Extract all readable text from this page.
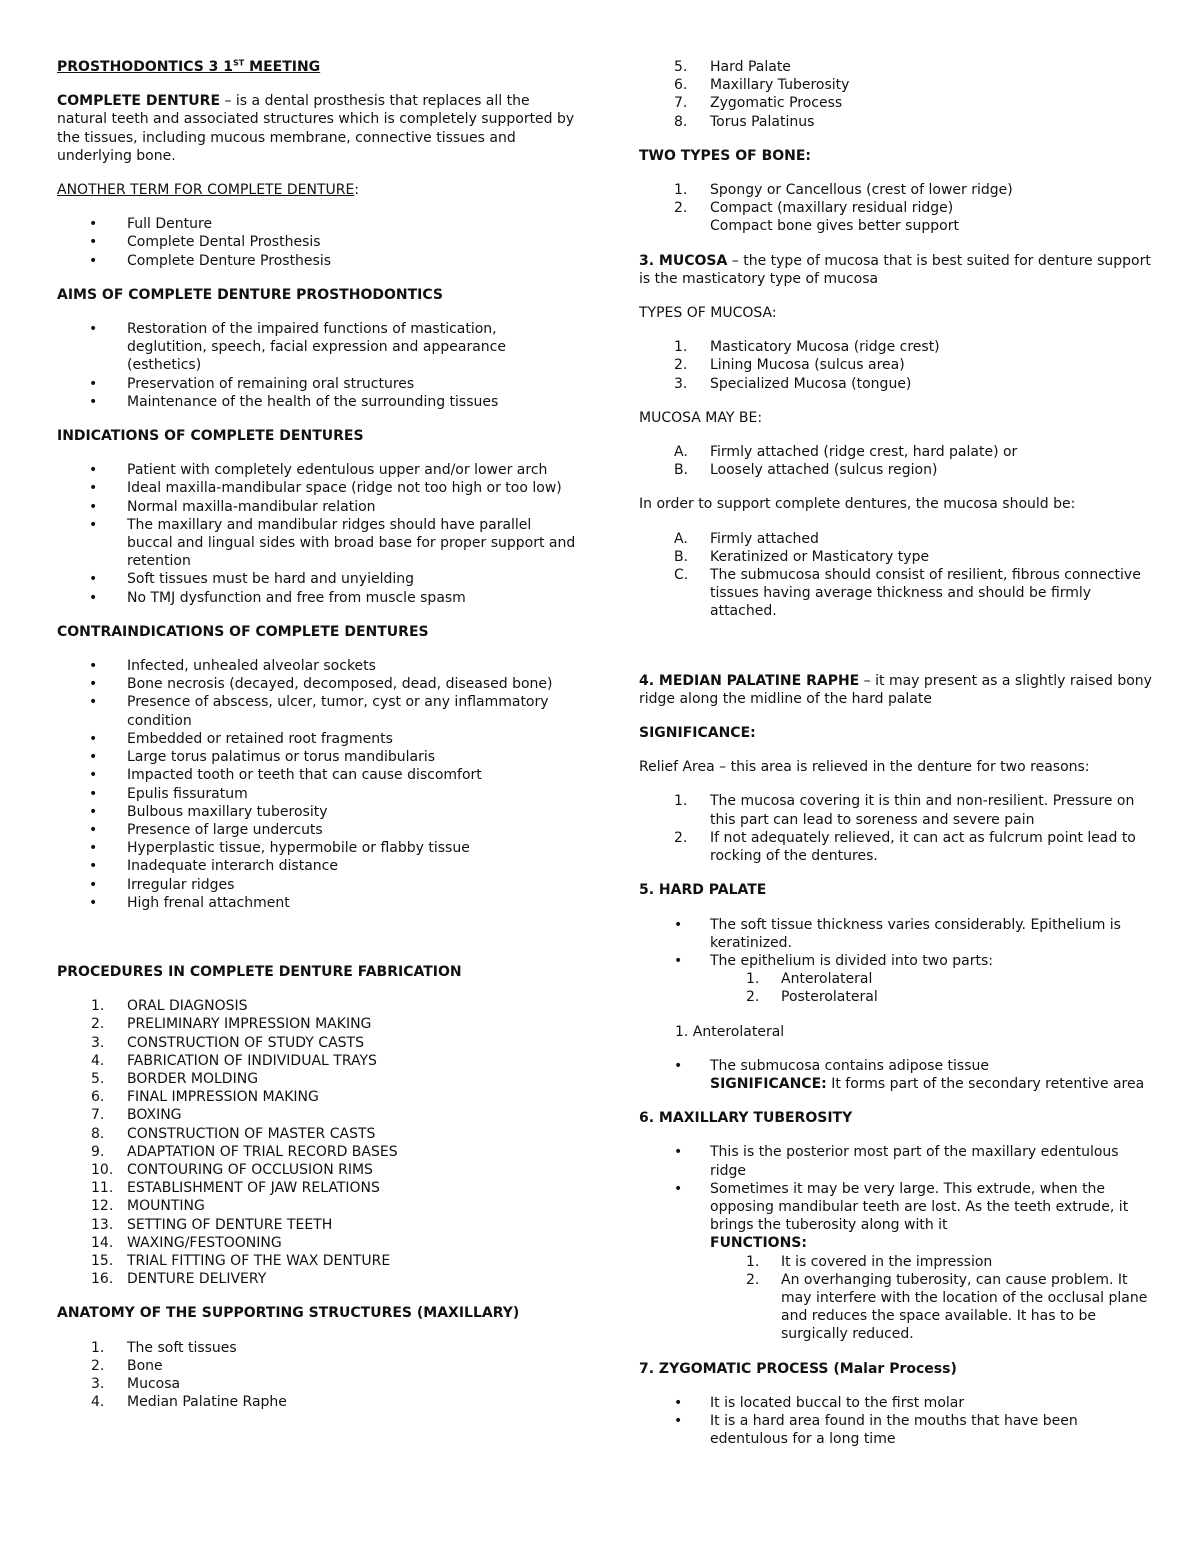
PROSTHODONTICS 3 1ST MEETING

COMPLETE DENTURE – is a dental prosthesis that replaces all the natural teeth and associated structures which is completely supported by the tissues, including mucous membrane, connective tissues and underlying bone.

ANOTHER TERM FOR COMPLETE DENTURE:

• Full Denture
• Complete Dental Prosthesis
• Complete Denture Prosthesis

AIMS OF COMPLETE DENTURE PROSTHODONTICS

• Restoration of the impaired functions of mastication, deglutition, speech, facial expression and appearance (esthetics)
• Preservation of remaining oral structures
• Maintenance of the health of the surrounding tissues

INDICATIONS OF COMPLETE DENTURES

• Patient with completely edentulous upper and/or lower arch
• Ideal maxilla-mandibular space (ridge not too high or too low)
• Normal maxilla-mandibular relation
• The maxillary and mandibular ridges should have parallel buccal and lingual sides with broad base for proper support and retention
• Soft tissues must be hard and unyielding
• No TMJ dysfunction and free from muscle spasm

CONTRAINDICATIONS OF COMPLETE DENTURES

• Infected, unhealed alveolar sockets
• Bone necrosis (decayed, decomposed, dead, diseased bone)
• Presence of abscess, ulcer, tumor, cyst or any inflammatory condition
• Embedded or retained root fragments
• Large torus palatimus or torus mandibularis
• Impacted tooth or teeth that can cause discomfort
• Epulis fissuratum
• Bulbous maxillary tuberosity
• Presence of large undercuts
• Hyperplastic tissue, hypermobile or flabby tissue
• Inadequate interarch distance
• Irregular ridges
• High frenal attachment

PROCEDURES IN COMPLETE DENTURE FABRICATION

1. ORAL DIAGNOSIS
2. PRELIMINARY IMPRESSION MAKING
3. CONSTRUCTION OF STUDY CASTS
4. FABRICATION OF INDIVIDUAL TRAYS
5. BORDER MOLDING
6. FINAL IMPRESSION MAKING
7. BOXING
8. CONSTRUCTION OF MASTER CASTS
9. ADAPTATION OF TRIAL RECORD BASES
10. CONTOURING OF OCCLUSION RIMS
11. ESTABLISHMENT OF JAW RELATIONS
12. MOUNTING
13. SETTING OF DENTURE TEETH
14. WAXING/FESTOONING
15. TRIAL FITTING OF THE WAX DENTURE
16. DENTURE DELIVERY

ANATOMY OF THE SUPPORTING STRUCTURES (MAXILLARY)

1. The soft tissues
2. Bone
3. Mucosa
4. Median Palatine Raphe
5. Hard Palate
6. Maxillary Tuberosity
7. Zygomatic Process
8. Torus Palatinus

TWO TYPES OF BONE:

1. Spongy or Cancellous (crest of lower ridge)
2. Compact (maxillary residual ridge)

Compact bone gives better support

3. MUCOSA – the type of mucosa that is best suited for denture support is the masticatory type of mucosa

TYPES OF MUCOSA:

1. Masticatory Mucosa (ridge crest)
2. Lining Mucosa (sulcus area)
3. Specialized Mucosa (tongue)

MUCOSA MAY BE:

A. Firmly attached (ridge crest, hard palate) or
B. Loosely attached (sulcus region)

In order to support complete dentures, the mucosa should be:

A. Firmly attached
B. Keratinized or Masticatory type
C. The submucosa should consist of resilient, fibrous connective tissues having average thickness and should be firmly attached.

4. MEDIAN PALATINE RAPHE – it may present as a slightly raised bony ridge along the midline of the hard palate

SIGNIFICANCE:

Relief Area – this area is relieved in the denture for two reasons:

1. The mucosa covering it is thin and non-resilient. Pressure on this part can lead to soreness and severe pain
2. If not adequately relieved, it can act as fulcrum point lead to rocking of the dentures.

5. HARD PALATE

• The soft tissue thickness varies considerably. Epithelium is keratinized.
• The epithelium is divided into two parts:
1. Anterolateral
2. Posterolateral

1. Anterolateral

• The submucosa contains adipose tissue
SIGNIFICANCE: It forms part of the secondary retentive area

6. MAXILLARY TUBEROSITY

• This is the posterior most part of the maxillary edentulous ridge
• Sometimes it may be very large. This extrude, when the opposing mandibular teeth are lost. As the teeth extrude, it brings the tuberosity along with it
FUNCTIONS:
1. It is covered in the impression
2. An overhanging tuberosity, can cause problem. It may interfere with the location of the occlusal plane and reduces the space available. It has to be surgically reduced.

7. ZYGOMATIC PROCESS (Malar Process)

• It is located buccal to the first molar
• It is a hard area found in the mouths that have been edentulous for a long time
